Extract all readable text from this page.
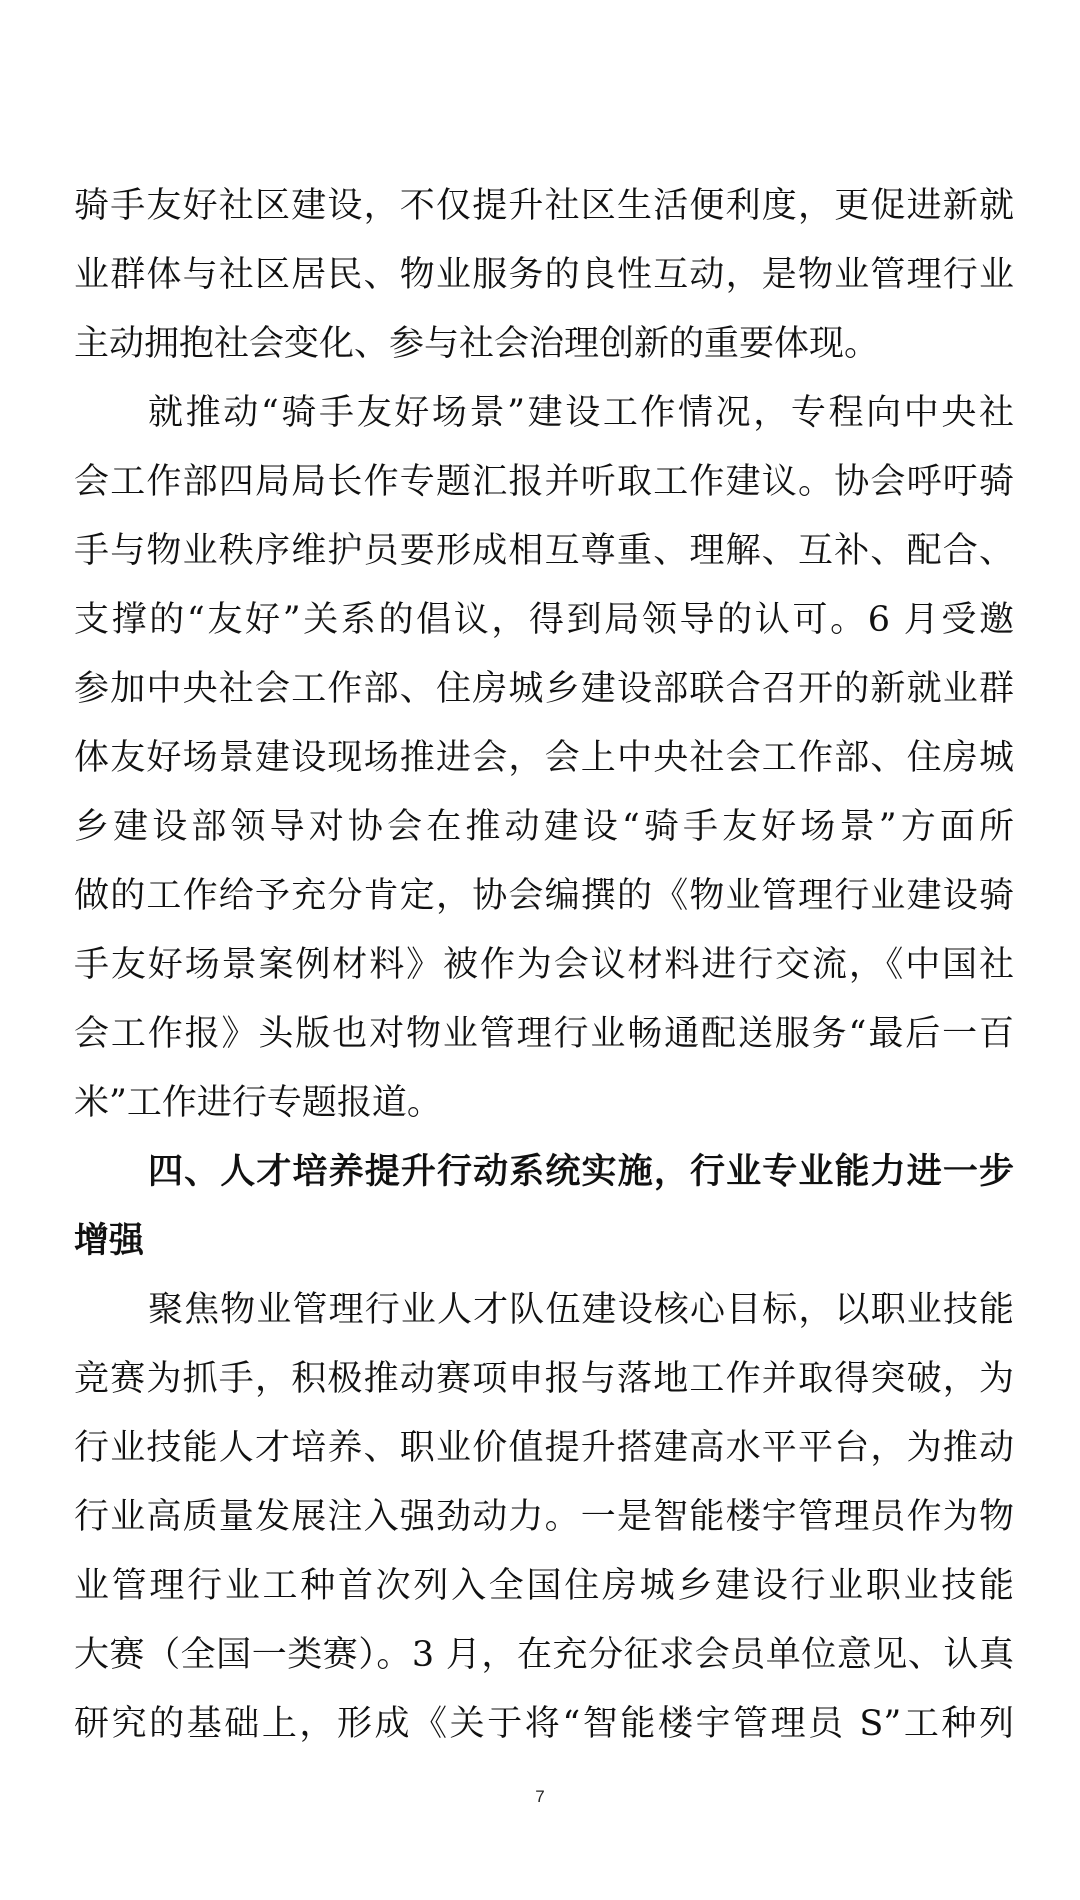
骑手友好社区建设，不仅提升社区生活便利度，更促进新就
业群体与社区居民、物业服务的良性互动，是物业管理行业
主动拥抱社会变化、参与社会治理创新的重要体现。
就推动“骑手友好场景”建设工作情况，专程向中央社
会工作部四局局长作专题汇报并听取工作建议。协会呼吁骑
手与物业秩序维护员要形成相互尊重、理解、互补、配合、
支撑的“友好”关系的倡议，得到局领导的认可。6 月受邀
参加中央社会工作部、住房城乡建设部联合召开的新就业群
体友好场景建设现场推进会，会上中央社会工作部、住房城
乡建设部领导对协会在推动建设“骑手友好场景”方面所
做的工作给予充分肯定，协会编撰的《物业管理行业建设骑
手友好场景案例材料》被作为会议材料进行交流，《中国社
会工作报》头版也对物业管理行业畅通配送服务“最后一百
米”工作进行专题报道。
四、人才培养提升行动系统实施，行业专业能力进一步
增强
聚焦物业管理行业人才队伍建设核心目标，以职业技能
竞赛为抓手，积极推动赛项申报与落地工作并取得突破，为
行业技能人才培养、职业价值提升搭建高水平平台，为推动
行业高质量发展注入强劲动力。一是智能楼宇管理员作为物
业管理行业工种首次列入全国住房城乡建设行业职业技能
大赛（全国一类赛）。3 月，在充分征求会员单位意见、认真
研究的基础上，形成《关于将“智能楼宇管理员 S”工种列
7
